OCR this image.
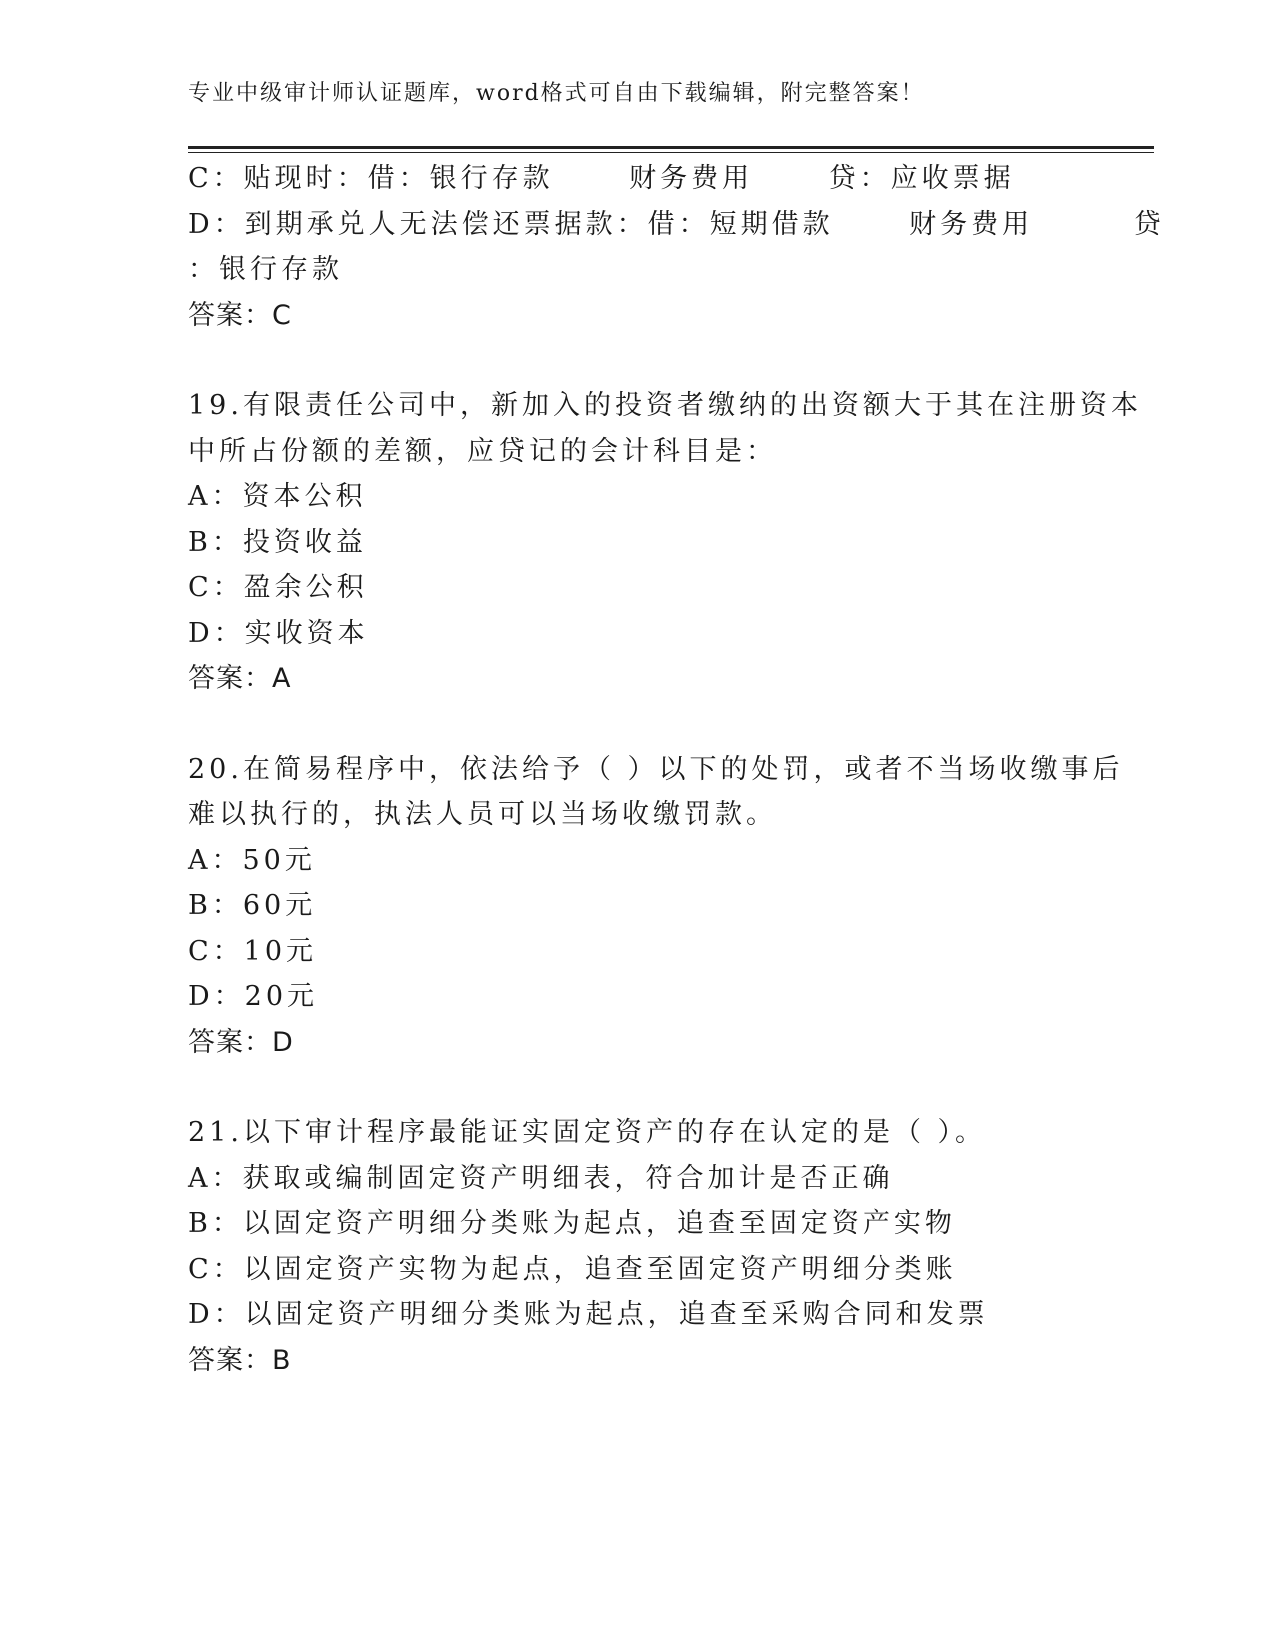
专业中级审计师认证题库，word格式可自由下载编辑，附完整答案！
C：贴现时：借：银行存款      财务费用      贷：应收票据
D：到期承兑人无法偿还票据款：借：短期借款      财务费用        贷
：银行存款
答案：C
19.有限责任公司中，新加入的投资者缴纳的出资额大于其在注册资本
中所占份额的差额，应贷记的会计科目是：
A：资本公积
B：投资收益
C：盈余公积
D：实收资本
答案：A
20.在简易程序中，依法给予（ ）以下的处罚，或者不当场收缴事后
难以执行的，执法人员可以当场收缴罚款。
A：50元
B：60元
C：10元
D：20元
答案：D
21.以下审计程序最能证实固定资产的存在认定的是（ ）。
A：获取或编制固定资产明细表，符合加计是否正确
B：以固定资产明细分类账为起点，追查至固定资产实物
C：以固定资产实物为起点，追查至固定资产明细分类账
D：以固定资产明细分类账为起点，追查至采购合同和发票
答案：B
